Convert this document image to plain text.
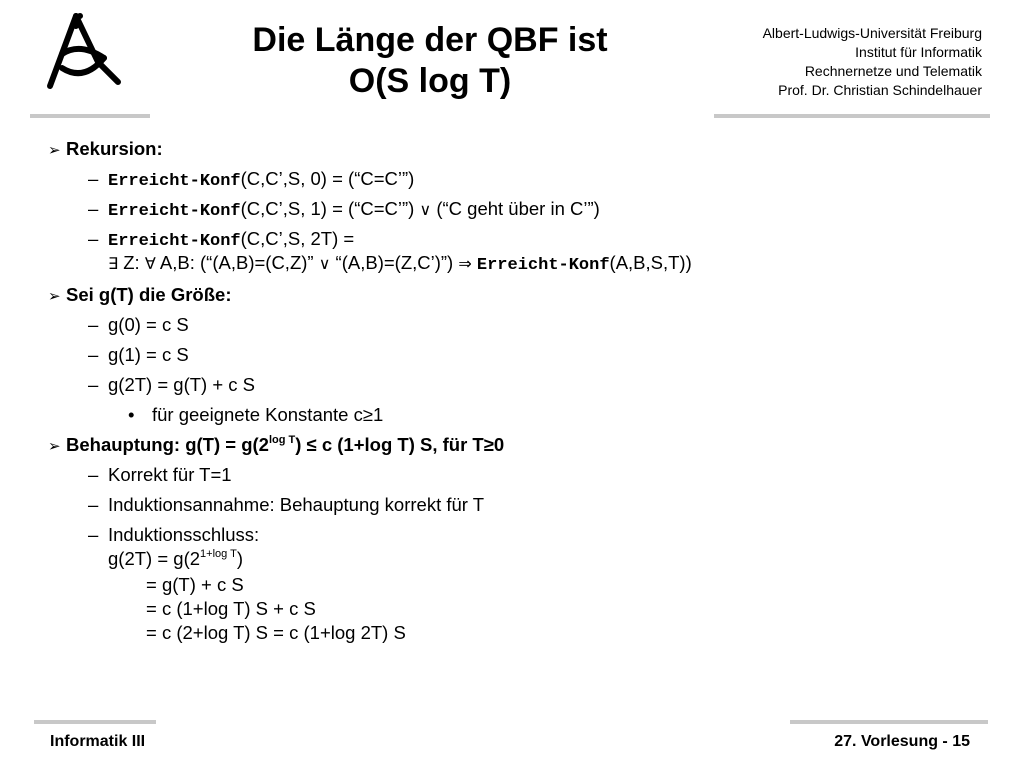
Die Länge der QBF ist
O(S log T)
Albert-Ludwigs-Universität Freiburg
Institut für Informatik
Rechnernetze und Telematik
Prof. Dr. Christian Schindelhauer
➢ Rekursion:
– Erreicht-Konf(C,C’,S, 0) = (“C=C’”)
– Erreicht-Konf(C,C’,S, 1) = (“C=C’”) ∨ (“C geht über in C’”)
– Erreicht-Konf(C,C’,S, 2T) =
∃ Z: ∀ A,B: (“(A,B)=(C,Z)” ∨ “(A,B)=(Z,C’)”) ⇒ Erreicht-Konf(A,B,S,T))
➢ Sei g(T) die Größe:
– g(0) = c S
– g(1) = c S
– g(2T) = g(T) + c S
• für geeignete Konstante c≥1
➢ Behauptung: $g(T) = g(2^{log T}) \le c$ (1+log T) S, für T≥0
– Korrekt für T=1
– Induktionsannahme: Behauptung korrekt für T
– Induktionsschluss:
$g(2T) = g(2^{1+log T})$
= g(T) + c S
= c (1+log T) S + c S
= c (2+log T) S = c (1+log 2T) S
Informatik III	27. Vorlesung - 15
